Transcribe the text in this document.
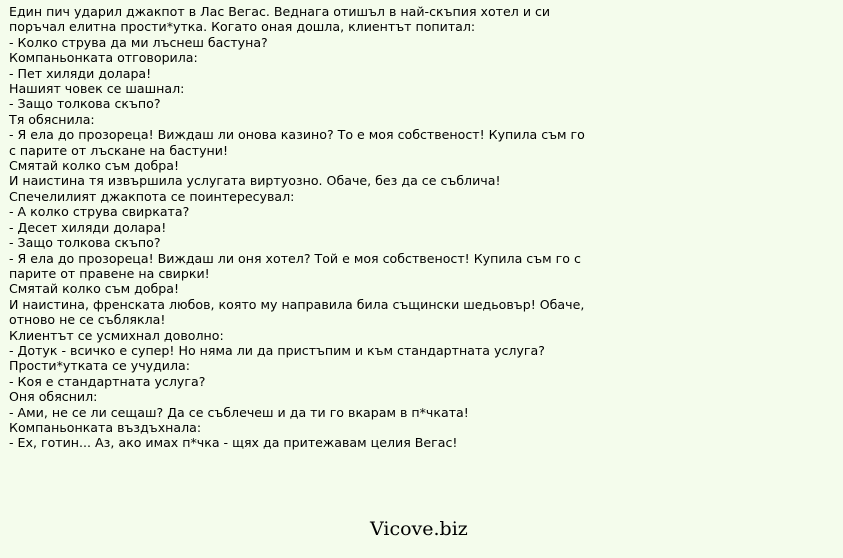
Един пич ударил джакпот в Лас Вегас. Веднага отишъл в най-скъпия хотел и си поръчал елитна прости*утка. Когато оная дошла, клиентът попитал:
- Колко струва да ми лъснеш бастуна?
Компаньонката отговорила:
- Пет хиляди долара!
Нашият човек се шашнал:
- Защо толкова скъпо?
Тя обяснила:
- Я ела до прозореца! Виждаш ли онова казино? То е моя собственост! Купила съм го с парите от лъскане на бастуни!
Смятай колко съм добра!
И наистина тя извършила услугата виртуозно. Обаче, без да се съблича!
Спечелилият джакпота се поинтересувал:
- А колко струва свирката?
- Десет хиляди долара!
- Защо толкова скъпо?
- Я ела до прозореца! Виждаш ли оня хотел? Той е моя собственост! Купила съм го с парите от правене на свирки!
Смятай колко съм добра!
И наистина, френската любов, която му направила била същински шедьовър! Обаче, отново не се съблякла!
Клиентът се усмихнал доволно:
- Дотук - всичко е супер! Но няма ли да пристъпим и към стандартната услуга?
Прости*утката се учудила:
- Коя е стандартната услуга?
Оня обяснил:
- Ами, не се ли сещаш? Да се съблечеш и да ти го вкарам в п*чката!
Компаньонката въздъхнала:
- Ех, готин... Аз, ако имах п*чка - щях да притежавам целия Вегас!
Vicove.biz
